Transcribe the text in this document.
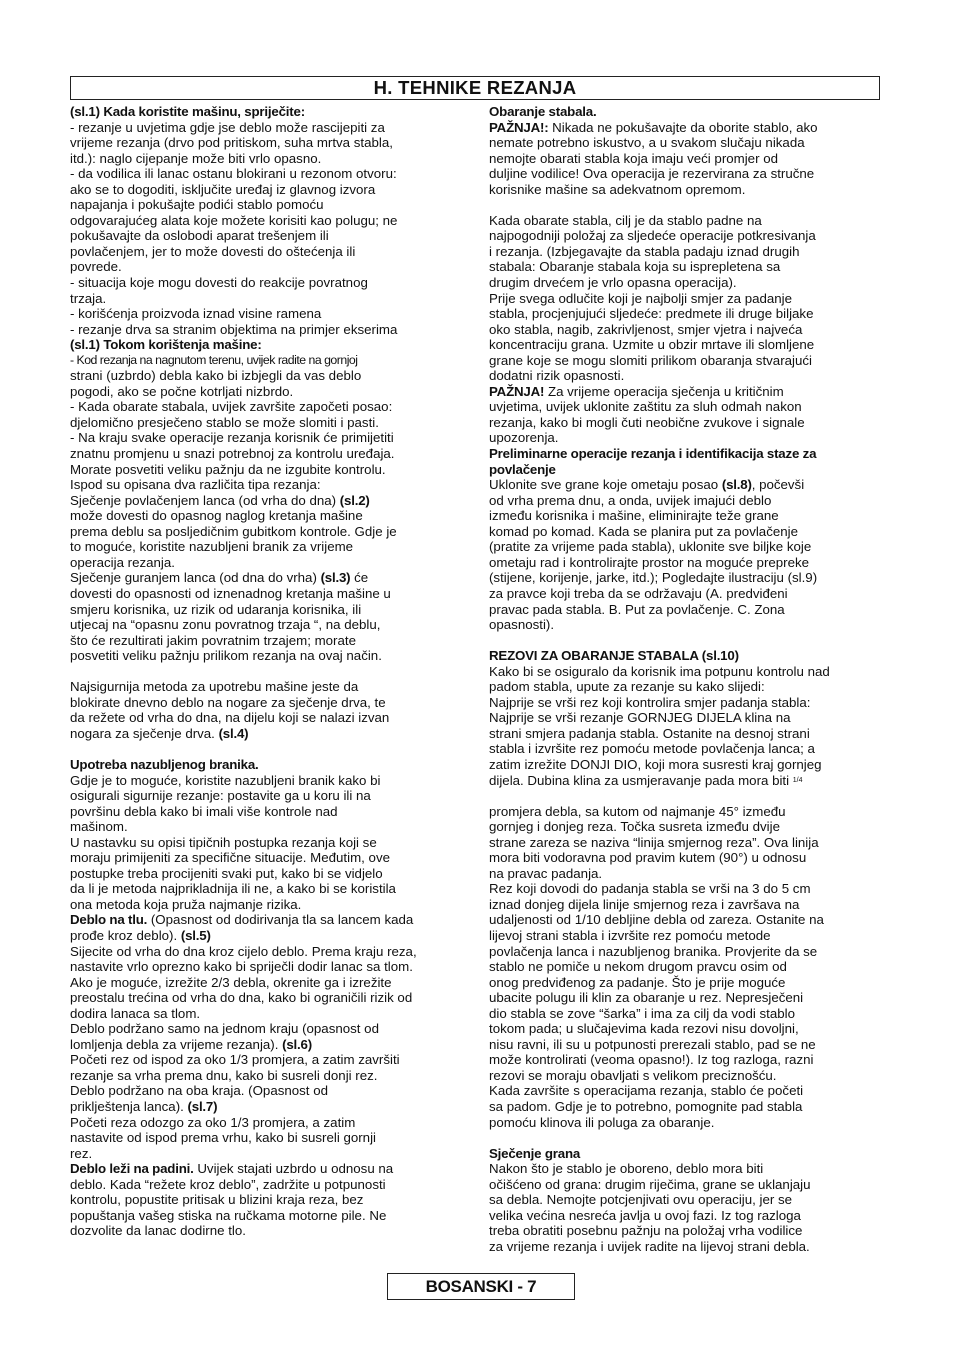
H. TEHNIKE REZANJA

(sl.1) Kada koristite mašinu, spriječite:

- rezanje u uvjetima gdje jse deblo može rascijepiti za

vrijeme rezanja (drvo pod pritiskom, suha mrtva stabla,

itd.): naglo cijepanje može biti vrlo opasno.

- da vodilica ili lanac ostanu blokirani u rezonom otvoru:

ako se to dogoditi, isključite uređaj iz glavnog izvora

napajanja i pokušajte podići stablo pomoću

odgovarajućeg alata koje možete korisiti kao polugu; ne

pokušavajte da oslobodi aparat trešenjem ili

povlačenjem, jer to može dovesti do oštećenja ili

povrede.

- situacija koje mogu dovesti do reakcije povratnog

trzaja.

- korišćenja proizvoda iznad visine ramena

- rezanje drva sa stranim objektima na primjer ekserima

(sl.1) Tokom korištenja mašine:

- Kod rezanja na nagnutom terenu, uvijek radite na gornjoj

strani (uzbrdo) debla kako bi izbjegli da vas deblo

pogodi, ako se počne kotrljati nizbrdo.

- Kada obarate stabala, uvijek završite započeti posao:

djelomično presječeno stablo se može slomiti i pasti.

- Na kraju svake operacije rezanja korisnik će primijetiti

znatnu promjenu u snazi potrebnoj za kontrolu uređaja.

Morate posvetiti veliku pažnju da ne izgubite kontrolu.

Ispod su opisana dva različita tipa rezanja:

Sječenje povlačenjem lanca (od vrha do dna) (sl.2)

može dovesti do opasnog naglog kretanja mašine

prema deblu sa posljedičnim gubitkom kontrole. Gdje je

to moguće, koristite nazubljeni branik za vrijeme

operacija rezanja.

Sječenje guranjem lanca (od dna do vrha) (sl.3) će

dovesti do opasnosti od iznenadnog kretanja mašine u

smjeru korisnika, uz rizik od udaranja korisnika, ili

utjecaj na “opasnu zonu povratnog trzaja “, na deblu,

što će rezultirati jakim povratnim trzajem; morate

posvetiti veliku pažnju prilikom rezanja na ovaj način.

Najsigurnija metoda za upotrebu mašine jeste da

blokirate dnevno deblo na nogare za sječenje drva, te

da režete od vrha do dna, na dijelu koji se nalazi izvan

nogara za sječenje drva. (sl.4)

Upotreba nazubljenog branika.

Gdje je to moguće, koristite nazubljeni branik kako bi

osigurali sigurnije rezanje: postavite ga u koru ili na

površinu debla kako bi imali više kontrole nad

mašinom.

U nastavku su opisi tipičnih postupka rezanja koji se

moraju primijeniti za specifične situacije. Međutim, ove

postupke treba procijeniti svaki put, kako bi se vidjelo

da li je metoda najprikladnija ili ne, a kako bi se koristila

ona metoda koja pruža najmanje rizika.

Deblo na tlu. (Opasnost od dodirivanja tla sa lancem kada

prođe kroz deblo). (sl.5)

Sijecite od vrha do dna kroz cijelo deblo. Prema kraju reza,

nastavite vrlo oprezno kako bi spriječli dodir lanac sa tlom.

Ako je moguće, izrežite 2/3 debla, okrenite ga i izrežite

preostalu trećina od vrha do dna, kako bi ograničili rizik od

dodira lanaca sa tlom.

Deblo podržano samo na jednom kraju (opasnost od

lomljenja debla za vrijeme rezanja). (sl.6)

Početi rez od ispod za oko 1/3 promjera, a zatim završiti

rezanje sa vrha prema dnu, kako bi susreli donji rez.

Deblo podržano na oba kraja. (Opasnost od

priklještenja lanca). (sl.7)

Početi reza odozgo za oko 1/3 promjera, a zatim

nastavite od ispod prema vrhu, kako bi susreli gornji

rez.

Deblo leži na padini. Uvijek stajati uzbrdo u odnosu na

deblo. Kada “režete kroz deblo”, zadržite u potpunosti

kontrolu, popustite pritisak u blizini kraja reza, bez

popuštanja vašeg stiska na ručkama motorne pile. Ne

dozvolite da lanac dodirne tlo.

Obaranje stabala.

PAŽNJA!: Nikada ne pokušavajte da oborite stablo, ako

nemate potrebno iskustvo, a u svakom slučaju nikada

nemojte obarati stabla koja imaju veći promjer od

duljine vodilice! Ova operacija je rezervirana za stručne

korisnike mašine sa adekvatnom opremom.

Kada obarate stabla, cilj je da stablo padne na

najpogodniji položaj za sljedeće operacije potkresivanja

i rezanja. (Izbjegavajte da stabla padaju iznad drugih

stabala: Obaranje stabala koja su isprepletena sa

drugim drvećem je vrlo opasna operacija).

Prije svega odlučite koji je najbolji smjer za padanje

stabla, procjenjujući sljedeće: predmete ili druge biljake

oko stabla, nagib, zakrivljenost, smjer vjetra i najveća

koncentraciju grana. Uzmite u obzir mrtave ili slomljene

grane koje se mogu slomiti prilikom obaranja stvarajući

dodatni rizik opasnosti.

PAŽNJA! Za vrijeme operacija sječenja u kritičnim

uvjetima, uvijek uklonite zaštitu za sluh odmah nakon

rezanja, kako bi mogli čuti neobične zvukove i signale

upozorenja.

Preliminarne operacije rezanja i identifikacija staze za

povlačenje

Uklonite sve grane koje ometaju posao (sl.8), počevši

od vrha prema dnu, a onda, uvijek imajući deblo

između korisnika i mašine, eliminirajte teže grane

komad po komad. Kada se planira put za povlačenje

(pratite za vrijeme pada stabla), uklonite sve biljke koje

ometaju rad i kontrolirajte prostor na moguće prepreke

(stijene, korijenje, jarke, itd.); Pogledajte ilustraciju (sl.9)

za pravce koji treba da se održavaju (A. predviđeni

pravac pada stabla. B. Put za povlačenje. C. Zona

opasnosti).

REZOVI ZA OBARANJE STABALA (sl.10)

Kako bi se osiguralo da korisnik ima potpunu kontrolu nad

padom stabla, upute za rezanje su kako slijedi:

Najprije se vrši rez koji kontrolira smjer padanja stabla:

Najprije se vrši rezanje GORNJEG DIJELA klina na

strani smjera padanja stabla. Ostanite na desnoj strani

stabla i izvršite rez pomoću metode povlačenja lanca; a

zatim izrežite DONJI DIO, koji mora susresti kraj gornjeg

dijela. Dubina klina za usmjeravanje pada mora biti $^{1/4}$

promjera debla, sa kutom od najmanje 45° između

gornjeg i donjeg reza. Točka susreta između dvije

strane zareza se naziva “linija smjernog reza”. Ova linija

mora biti vodoravna pod pravim kutem (90°) u odnosu

na pravac padanja.

Rez koji dovodi do padanja stabla se vrši na 3 do 5 cm

iznad donjeg dijela linije smjernog reza i završava na

udaljenosti od 1/10 debljine debla od zareza. Ostanite na

lijevoj strani stabla i izvršite rez pomoću metode

povlačenja lanca i nazubljenog branika. Provjerite da se

stablo ne pomiče u nekom drugom pravcu osim od

onog predviđenog za padanje. Što je prije moguće

ubacite polugu ili klin za obaranje u rez. Nepresječeni

dio stabla se zove “šarka” i ima za cilj da vodi stablo

tokom pada; u slučajevima kada rezovi nisu dovoljni,

nisu ravni, ili su u potpunosti prerezali stablo, pad se ne

može kontrolirati (veoma opasno!). Iz tog razloga, razni

rezovi se moraju obavljati s velikom preciznošću.

Kada završite s operacijama rezanja, stablo će početi

sa padom. Gdje je to potrebno, pomognite pad stabla

pomoću klinova ili poluga za obaranje.

Sječenje grana

Nakon što je stablo je oboreno, deblo mora biti

očišćeno od grana: drugim riječima, grane se uklanjaju

sa debla. Nemojte potcjenjivati ovu operaciju, jer se

velika većina nesreća javlja u ovoj fazi. Iz tog razloga

treba obratiti posebnu pažnju na položaj vrha vodilice

za vrijeme rezanja i uvijek radite na lijevoj strani debla.

BOSANSKI - 7
